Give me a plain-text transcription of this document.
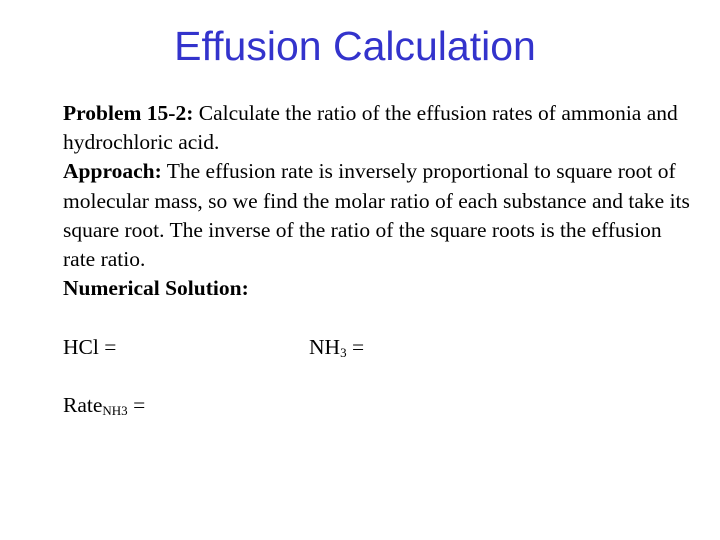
Effusion Calculation

Problem 15-2: Calculate the ratio of the effusion rates of ammonia and hydrochloric acid.

Approach: The effusion rate is inversely proportional to square root of molecular mass, so we find the molar ratio of each substance and take its square root. The inverse of the ratio of the square roots is the effusion rate ratio.

Numerical Solution:

HCl =	$NH_3$ =
Rate$_{NH3}$ =
